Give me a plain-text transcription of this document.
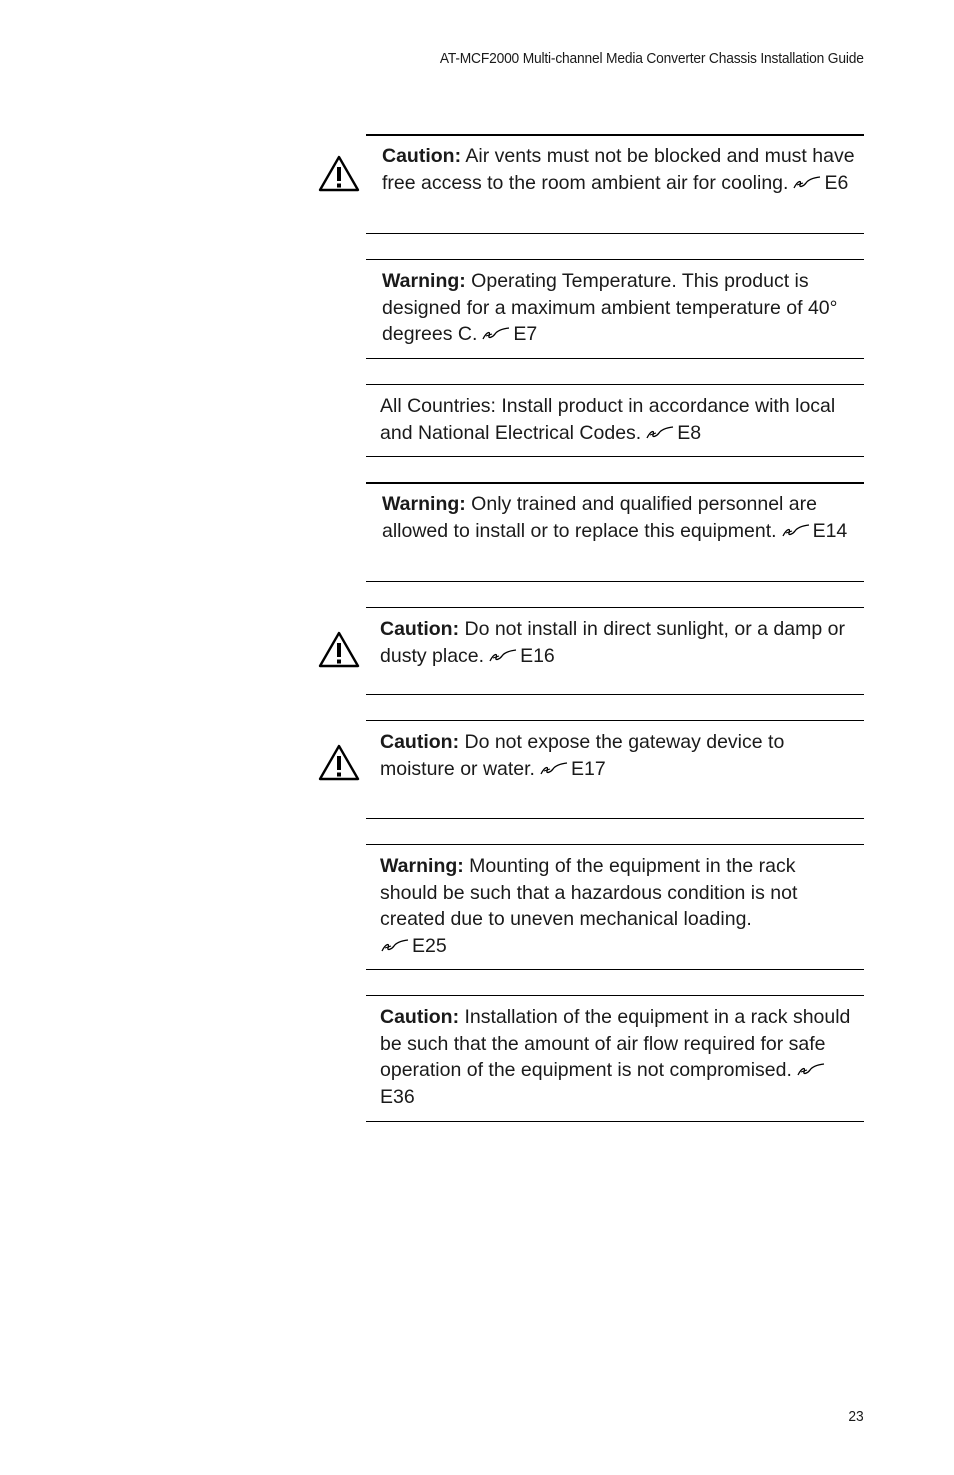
AT-MCF2000 Multi-channel Media Converter Chassis Installation Guide
Caution: Air vents must not be blocked and must have free access to the room ambient air for cooling. E6
Warning: Operating Temperature. This product is designed for a maximum ambient temperature of 40° degrees C. E7
All Countries: Install product in accordance with local and National Electrical Codes. E8
Warning: Only trained and qualified personnel are allowed to install or to replace this equipment. E14
Caution: Do not install in direct sunlight, or a damp or dusty place. E16
Caution: Do not expose the gateway device to moisture or water. E17
Warning: Mounting of the equipment in the rack should be such that a hazardous condition is not created due to uneven mechanical loading.

E25
Caution: Installation of the equipment in a rack should be such that the amount of air flow required for safe operation of the equipment is not compromised.
E36
23
